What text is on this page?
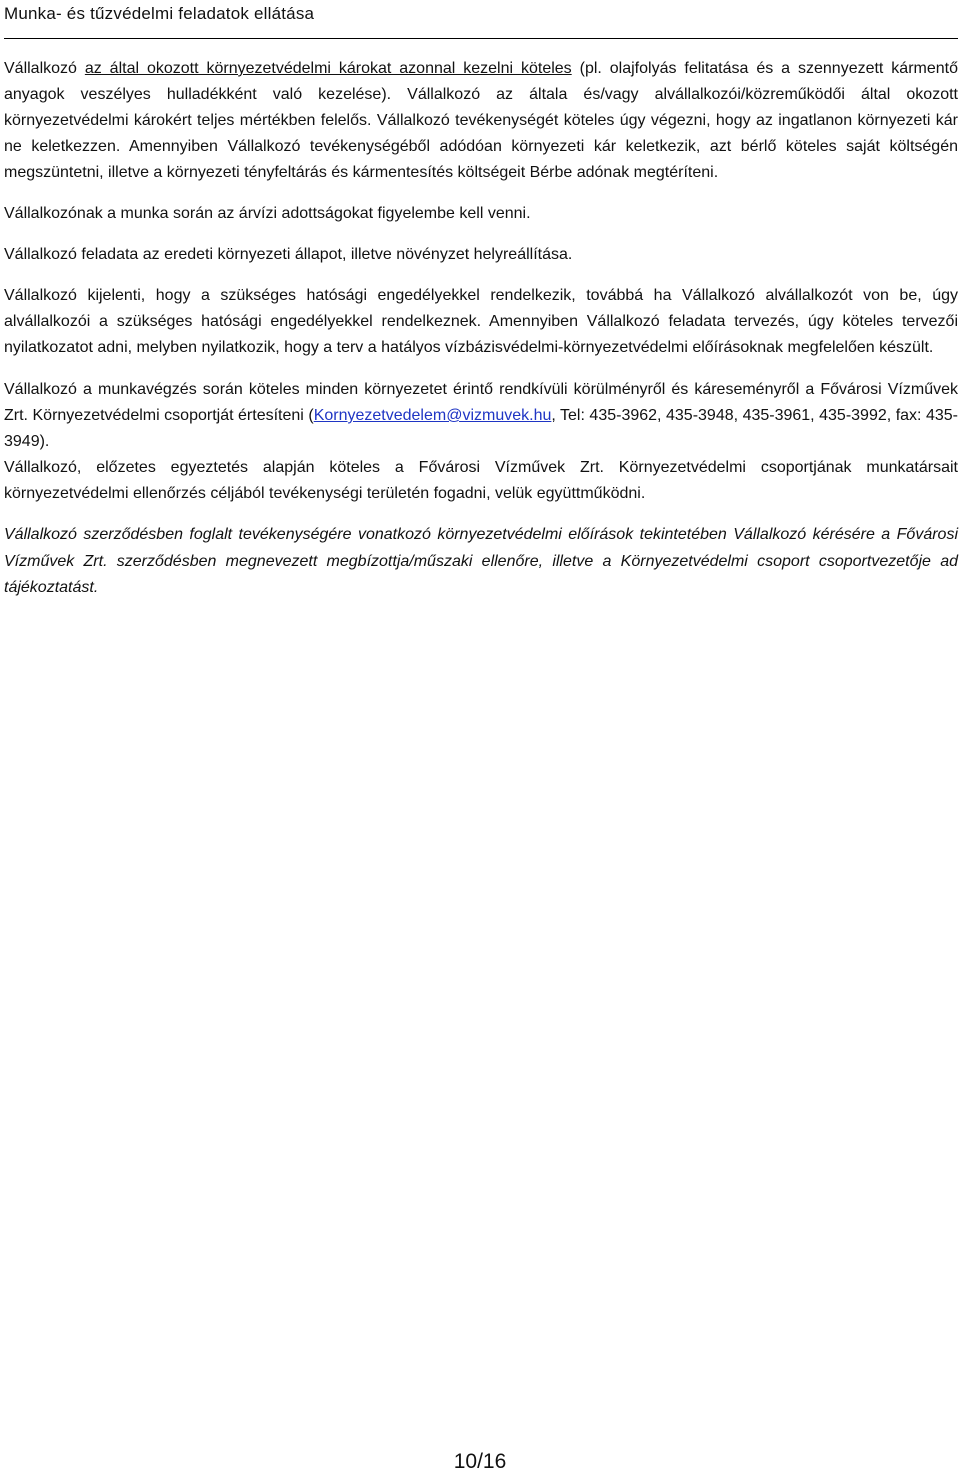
Munka- és tűzvédelmi feladatok ellátása

Vállalkozó az által okozott környezetvédelmi károkat azonnal kezelni köteles (pl. olajfolyás felitatása és a szennyezett kármentő anyagok veszélyes hulladékként való kezelése). Vállalkozó az általa és/vagy alvállalkozói/közreműködői által okozott környezetvédelmi károkért teljes mértékben felelős. Vállalkozó tevékenységét köteles úgy végezni, hogy az ingatlanon környezeti kár ne keletkezzen. Amennyiben Vállalkozó tevékenységéből adódóan környezeti kár keletkezik, azt bérlő köteles saját költségén megszüntetni, illetve a környezeti tényfeltárás és kármentesítés költségeit Bérbe adónak megtéríteni.

Vállalkozónak a munka során az árvízi adottságokat figyelembe kell venni.

Vállalkozó feladata az eredeti környezeti állapot, illetve növényzet helyreállítása.

Vállalkozó kijelenti, hogy a szükséges hatósági engedélyekkel rendelkezik, továbbá ha Vállalkozó alvállalkozót von be, úgy alvállalkozói a szükséges hatósági engedélyekkel rendelkeznek. Amennyiben Vállalkozó feladata tervezés, úgy köteles tervezői nyilatkozatot adni, melyben nyilatkozik, hogy a terv a hatályos vízbázisvédelmi-környezetvédelmi előírásoknak megfelelően készült.

Vállalkozó a munkavégzés során köteles minden környezetet érintő rendkívüli körülményről és káreseményről a Fővárosi Vízművek Zrt. Környezetvédelmi csoportját értesíteni (Kornyezetvedelem@vizmuvek.hu, Tel: 435-3962, 435-3948, 435-3961, 435-3992, fax: 435-3949).

Vállalkozó, előzetes egyeztetés alapján köteles a Fővárosi Vízművek Zrt. Környezetvédelmi csoportjának munkatársait környezetvédelmi ellenőrzés céljából tevékenységi területén fogadni, velük együttműködni.

Vállalkozó szerződésben foglalt tevékenységére vonatkozó környezetvédelmi előírások tekintetében Vállalkozó kérésére a Fővárosi Vízművek Zrt. szerződésben megnevezett megbízottja/műszaki ellenőre, illetve a Környezetvédelmi csoport csoportvezetője ad tájékoztatást.

10/16
